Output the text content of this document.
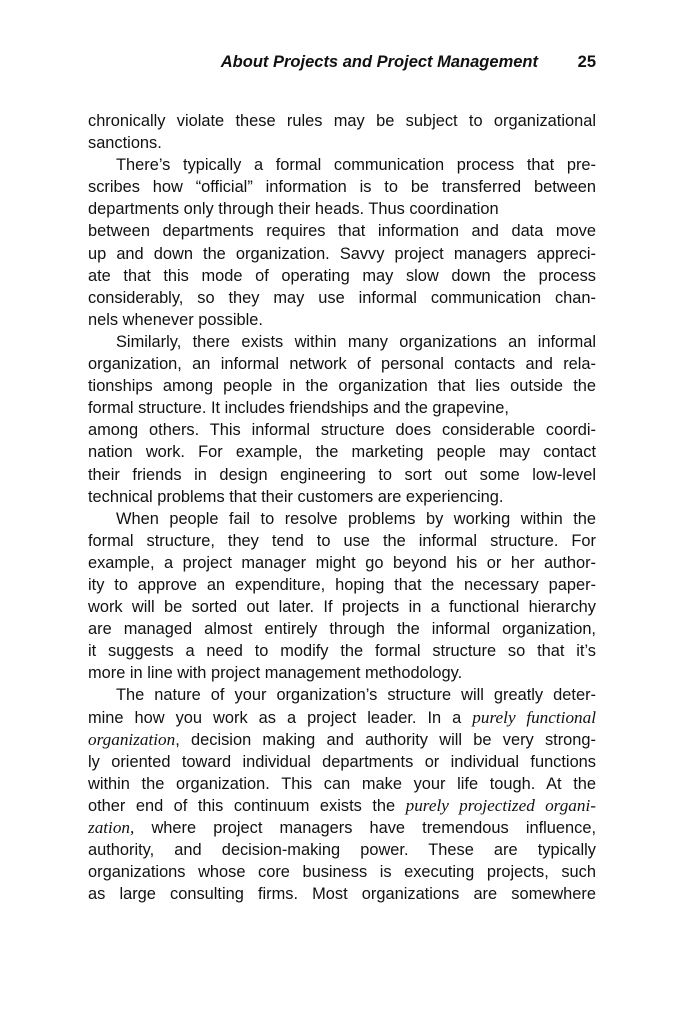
About Projects and Project Management 25
chronically violate these rules may be subject to organizational
sanctions.
There’s typically a formal communication process that pre-
scribes how “official” information is to be transferred between
departments only through their heads. Thus coordination
between departments requires that information and data move
up and down the organization. Savvy project managers appreci-
ate that this mode of operating may slow down the process
considerably, so they may use informal communication chan-
nels whenever possible.
Similarly, there exists within many organizations an informal
organization, an informal network of personal contacts and rela-
tionships among people in the organization that lies outside the
formal structure. It includes friendships and the grapevine,
among others. This informal structure does considerable coordi-
nation work. For example, the marketing people may contact
their friends in design engineering to sort out some low-level
technical problems that their customers are experiencing.
When people fail to resolve problems by working within the
formal structure, they tend to use the informal structure. For
example, a project manager might go beyond his or her author-
ity to approve an expenditure, hoping that the necessary paper-
work will be sorted out later. If projects in a functional hierarchy
are managed almost entirely through the informal organization,
it suggests a need to modify the formal structure so that it’s
more in line with project management methodology.
The nature of your organization’s structure will greatly deter-
mine how you work as a project leader. In a purely functional
organization, decision making and authority will be very strong-
ly oriented toward individual departments or individual functions
within the organization. This can make your life tough. At the
other end of this continuum exists the purely projectized organi-
zation, where project managers have tremendous influence,
authority, and decision-making power. These are typically
organizations whose core business is executing projects, such
as large consulting firms. Most organizations are somewhere
